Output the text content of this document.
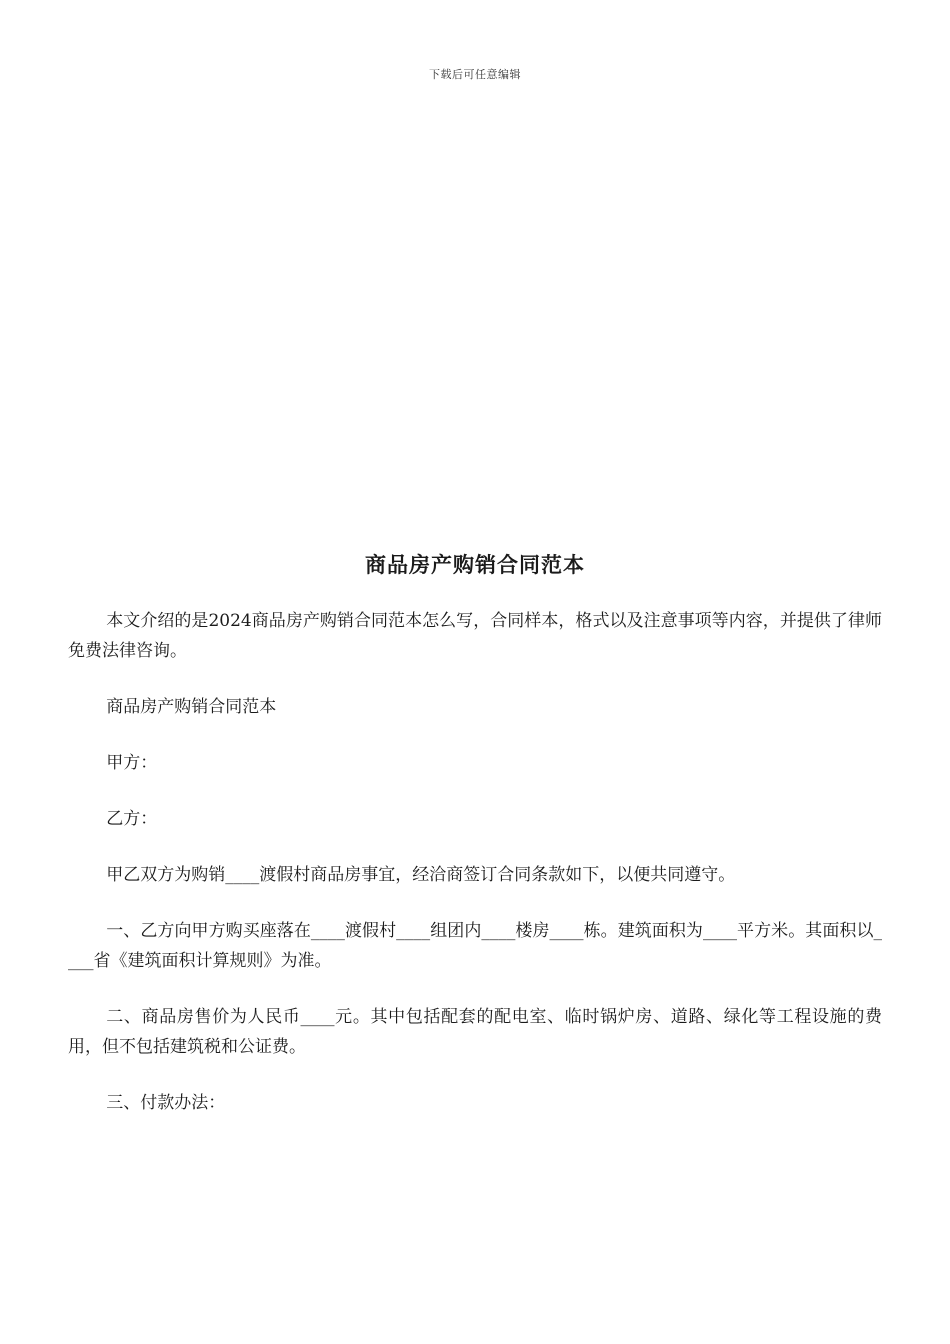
下载后可任意编辑
商品房产购销合同范本

本文介绍的是2024商品房产购销合同范本怎么写，合同样本，格式以及注意事项等内容，并提供了律师免费法律咨询。

商品房产购销合同范本

甲方：

乙方：

甲乙双方为购销____渡假村商品房事宜，经洽商签订合同条款如下，以便共同遵守。

一、乙方向甲方购买座落在____渡假村____组团内____楼房____栋。建筑面积为____平方米。其面积以____省《建筑面积计算规则》为准。

二、商品房售价为人民币____元。其中包括配套的配电室、临时锅炉房、道路、绿化等工程设施的费用，但不包括建筑税和公证费。

三、付款办法：
